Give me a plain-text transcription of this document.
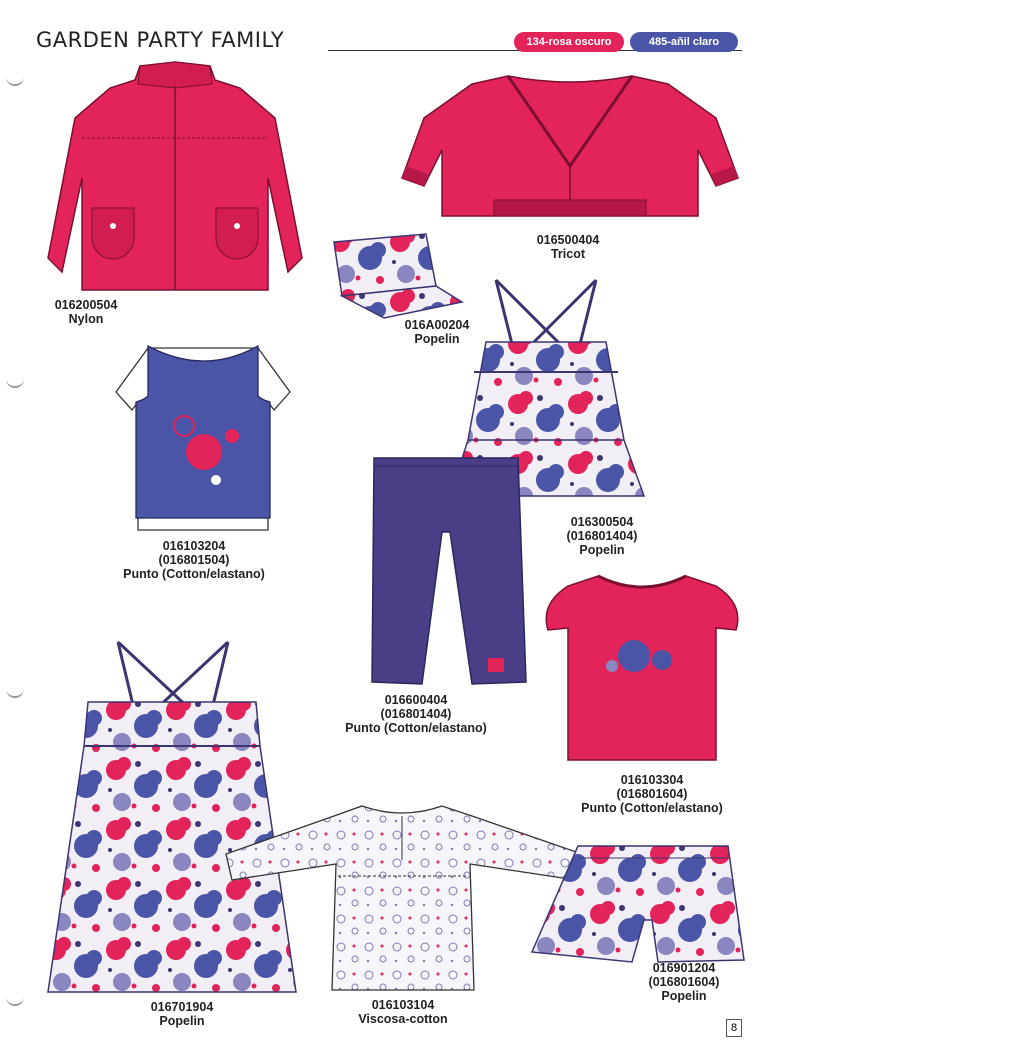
GARDEN PARTY FAMILY	134-rosa oscuro	485-añil claro
016200504
Nylon
016500404
Tricot
016A00204
Popelin
016103204
(016801504)
Punto (Cotton/elastano)
016300504
(016801404)
Popelin
016600404
(016801404)
Punto (Cotton/elastano)
016103304
(016801604)
Punto (Cotton/elastano)
016701904
Popelin
016103104
Viscosa-cotton
016901204
(016801604)
Popelin
8
